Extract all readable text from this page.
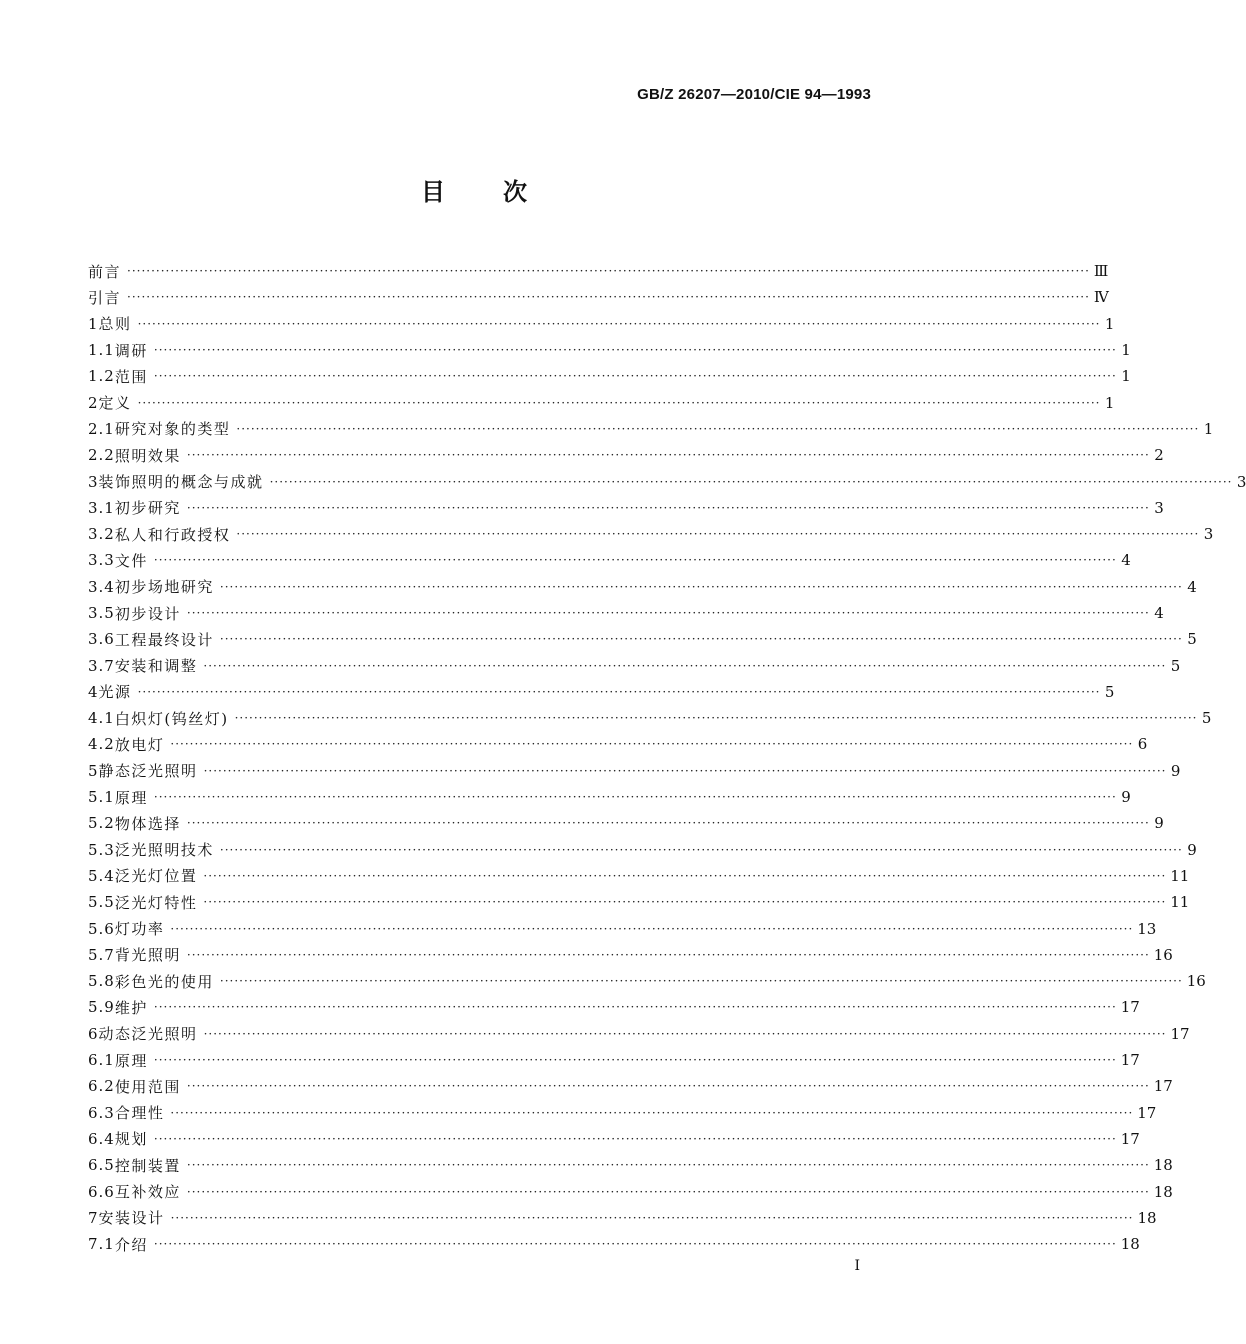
GB/Z 26207—2010/CIE 94—1993
目 次
前言 ········································································································································································································ Ⅲ
引言 ········································································································································································································ Ⅳ
1 总则 ········································································································································································································ 1
1.1 调研 ········································································································································································································ 1
1.2 范围 ········································································································································································································ 1
2 定义 ········································································································································································································ 1
2.1 研究对象的类型 ········································································································································································································ 1
2.2 照明效果 ········································································································································································································ 2
3 装饰照明的概念与成就 ········································································································································································································ 3
3.1 初步研究 ········································································································································································································ 3
3.2 私人和行政授权 ········································································································································································································ 3
3.3 文件 ········································································································································································································ 4
3.4 初步场地研究 ········································································································································································································ 4
3.5 初步设计 ········································································································································································································ 4
3.6 工程最终设计 ········································································································································································································ 5
3.7 安装和调整 ········································································································································································································ 5
4 光源 ········································································································································································································ 5
4.1 白炽灯(钨丝灯) ········································································································································································································ 5
4.2 放电灯 ········································································································································································································ 6
5 静态泛光照明 ········································································································································································································ 9
5.1 原理 ········································································································································································································ 9
5.2 物体选择 ········································································································································································································ 9
5.3 泛光照明技术 ········································································································································································································ 9
5.4 泛光灯位置 ········································································································································································································ 11
5.5 泛光灯特性 ········································································································································································································ 11
5.6 灯功率 ········································································································································································································ 13
5.7 背光照明 ········································································································································································································ 16
5.8 彩色光的使用 ········································································································································································································ 16
5.9 维护 ········································································································································································································ 17
6 动态泛光照明 ········································································································································································································ 17
6.1 原理 ········································································································································································································ 17
6.2 使用范围 ········································································································································································································ 17
6.3 合理性 ········································································································································································································ 17
6.4 规划 ········································································································································································································ 17
6.5 控制装置 ········································································································································································································ 18
6.6 互补效应 ········································································································································································································ 18
7 安装设计 ········································································································································································································ 18
7.1 介绍 ········································································································································································································ 18
I
